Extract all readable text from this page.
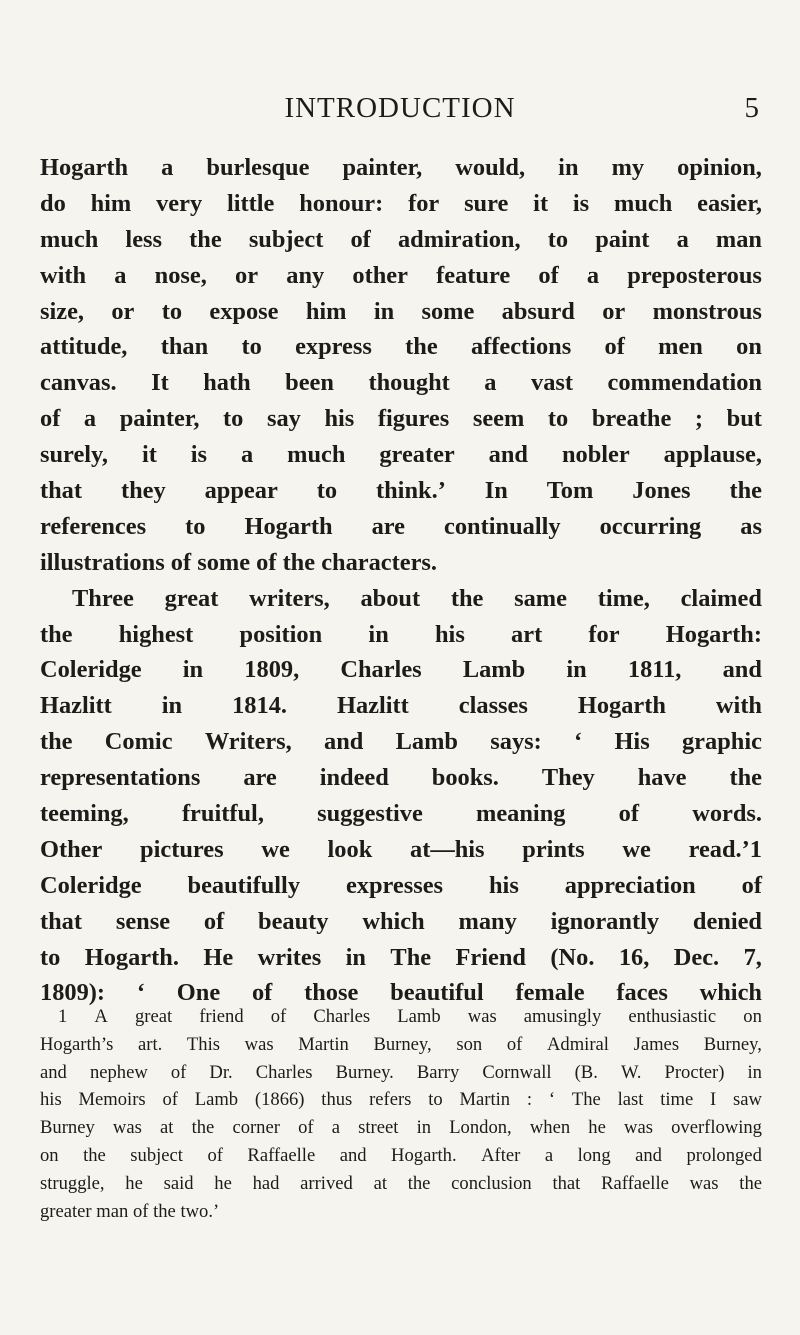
INTRODUCTION	5
Hogarth a burlesque painter, would, in my opinion,
do him very little honour: for sure it is much easier,
much less the subject of admiration, to paint a man
with a nose, or any other feature of a preposterous
size, or to expose him in some absurd or monstrous
attitude, than to express the affections of men on
canvas. It hath been thought a vast commendation
of a painter, to say his figures seem to breathe ; but
surely, it is a much greater and nobler applause,
that they appear to think.’ In Tom Jones the
references to Hogarth are continually occurring as
illustrations of some of the characters.
Three great writers, about the same time, claimed
the highest position in his art for Hogarth:
Coleridge in 1809, Charles Lamb in 1811, and
Hazlitt in 1814. Hazlitt classes Hogarth with
the Comic Writers, and Lamb says: ‘ His graphic
representations are indeed books. They have the
teeming, fruitful, suggestive meaning of words.
Other pictures we look at—his prints we read.’1
Coleridge beautifully expresses his appreciation of
that sense of beauty which many ignorantly denied
to Hogarth. He writes in The Friend (No. 16, Dec. 7,
1809): ‘ One of those beautiful female faces which
1 A great friend of Charles Lamb was amusingly enthusiastic on
Hogarth’s art. This was Martin Burney, son of Admiral James Burney,
and nephew of Dr. Charles Burney. Barry Cornwall (B. W. Procter) in
his Memoirs of Lamb (1866) thus refers to Martin : ‘ The last time I saw
Burney was at the corner of a street in London, when he was overflowing
on the subject of Raffaelle and Hogarth. After a long and prolonged
struggle, he said he had arrived at the conclusion that Raffaelle was the
greater man of the two.’
